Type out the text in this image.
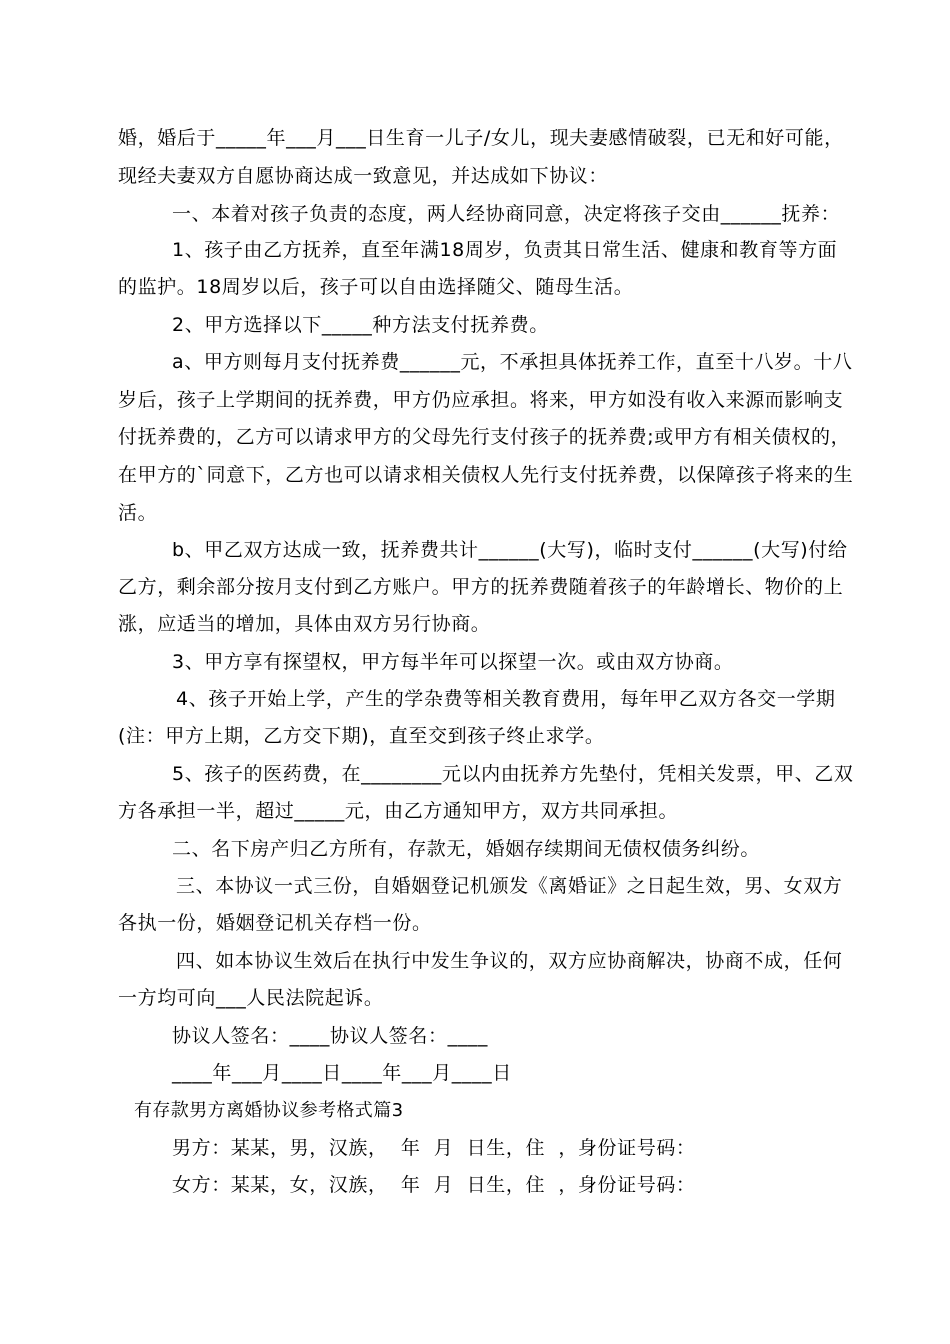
婚，婚后于_____年___月___日生育一儿子/女儿，现夫妻感情破裂，已无和好可能，
现经夫妻双方自愿协商达成一致意见，并达成如下协议：
一、本着对孩子负责的态度，两人经协商同意，决定将孩子交由______抚养：
1、孩子由乙方抚养，直至年满18周岁，负责其日常生活、健康和教育等方面
的监护。18周岁以后，孩子可以自由选择随父、随母生活。
2、甲方选择以下_____种方法支付抚养费。
a、甲方则每月支付抚养费______元，不承担具体抚养工作，直至十八岁。十八
岁后，孩子上学期间的抚养费，甲方仍应承担。将来，甲方如没有收入来源而影响支
付抚养费的，乙方可以请求甲方的父母先行支付孩子的抚养费;或甲方有相关债权的，
在甲方的`同意下，乙方也可以请求相关债权人先行支付抚养费，以保障孩子将来的生
活。
b、甲乙双方达成一致，抚养费共计______(大写)，临时支付______(大写)付给
乙方，剩余部分按月支付到乙方账户。甲方的抚养费随着孩子的年龄增长、物价的上
涨，应适当的增加，具体由双方另行协商。
3、甲方享有探望权，甲方每半年可以探望一次。或由双方协商。
4、孩子开始上学，产生的学杂费等相关教育费用，每年甲乙双方各交一学期
(注：甲方上期，乙方交下期)，直至交到孩子终止求学。
5、孩子的医药费，在________元以内由抚养方先垫付，凭相关发票，甲、乙双
方各承担一半，超过_____元，由乙方通知甲方，双方共同承担。
二、名下房产归乙方所有，存款无，婚姻存续期间无债权债务纠纷。
三、本协议一式三份，自婚姻登记机颁发《离婚证》之日起生效，男、女双方
各执一份，婚姻登记机关存档一份。
四、如本协议生效后在执行中发生争议的，双方应协商解决，协商不成，任何
一方均可向___人民法院起诉。
协议人签名：____协议人签名：____
____年___月____日____年___月____日
有存款男方离婚协议参考格式篇3
男方：某某，男，汉族，  年  月  日生，住  ，身份证号码：
女方：某某，女，汉族，  年  月  日生，住  ，身份证号码：
